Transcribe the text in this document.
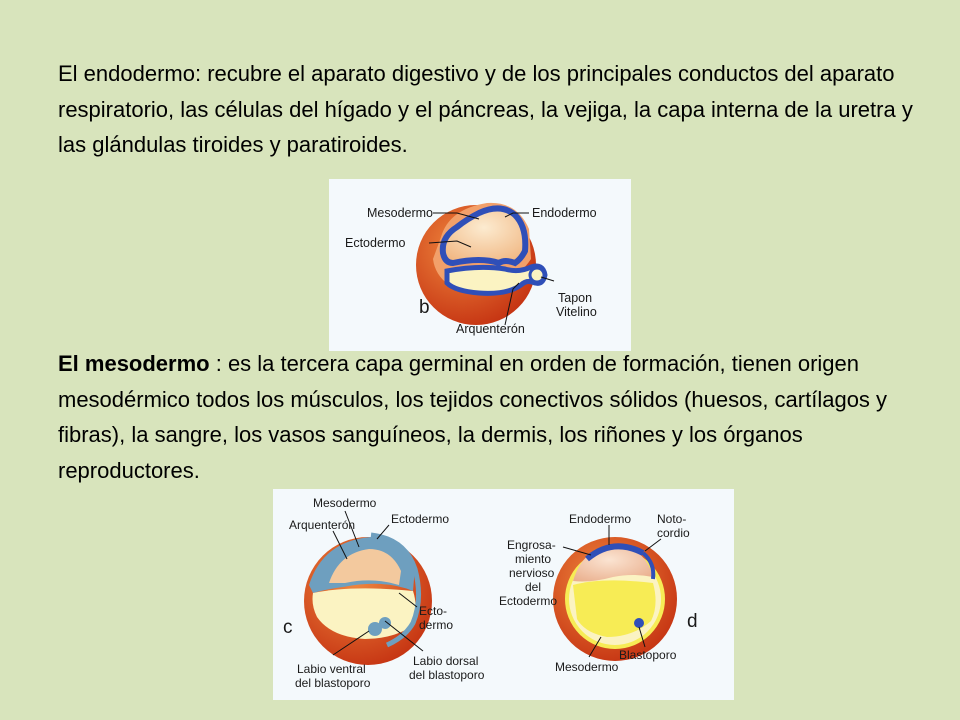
El endodermo: recubre el aparato digestivo y de los principales conductos del aparato respiratorio, las células del hígado y el páncreas, la vejiga, la capa interna de la uretra y las glándulas tiroides y paratiroides.

Mesodermo
Ectodermo
Endodermo
Tapon
Vitelino
Arquenterón
b

El mesodermo : es la tercera capa germinal en orden de formación, tienen origen mesodérmico todos los músculos, los tejidos conectivos sólidos (huesos, cartílagos y fibras), la sangre, los vasos sanguíneos, la dermis, los riñones y los órganos reproductores.

Mesodermo
Arquenterón	Ectodermo
Ecto-
dermo
Labio ventral
del blastoporo
Labio dorsal
del blastoporo
c
Endodermo Noto-
cordio
Engrosa-
miento
nervioso
del
Ectodermo
Mesodermo
Blastoporo
d
